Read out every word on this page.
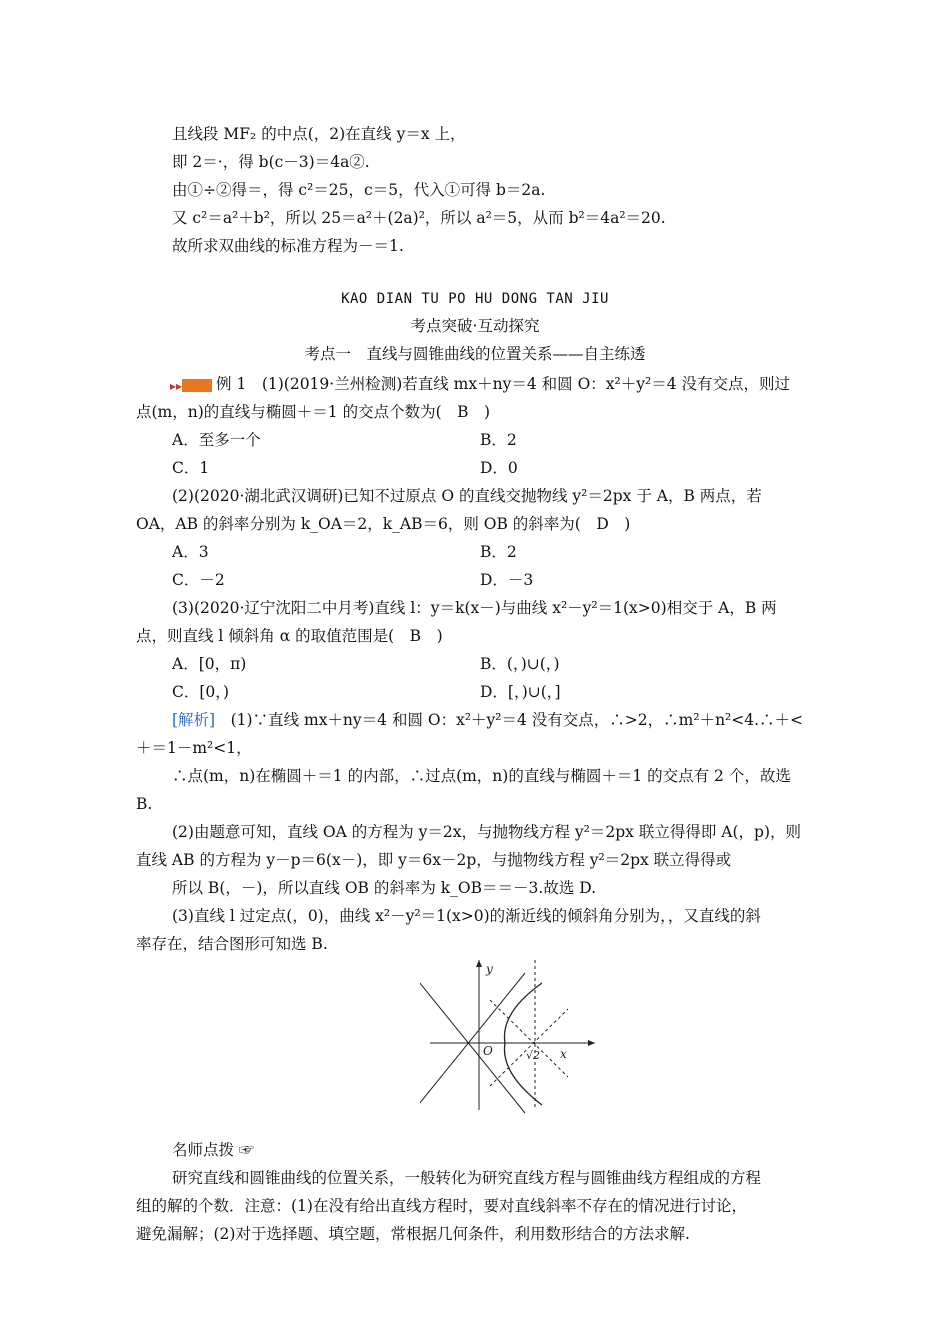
且线段 MF₂ 的中点(，2)在直线 y＝x 上，
即 2＝·，得 b(c－3)＝4a②.
由①÷②得＝，得 c²＝25，c＝5，代入①可得 b＝2a.
又 c²＝a²＋b²，所以 25＝a²＋(2a)²，所以 a²＝5，从而 b²＝4a²＝20.
故所求双曲线的标准方程为－＝1.
KAO DIAN TU PO HU DONG TAN JIU
考点突破·互动探究
考点一　直线与圆锥曲线的位置关系——自主练透
▸▸ 例 1　(1)(2019·兰州检测)若直线 mx＋ny＝4 和圆 O：x²＋y²＝4 没有交点，则过
点(m，n)的直线与椭圆＋＝1 的交点个数为(　B　)
A．至多一个	B．2
C．1	D．0
(2)(2020·湖北武汉调研)已知不过原点 O 的直线交抛物线 y²＝2px 于 A，B 两点，若
OA，AB 的斜率分别为 k_OA＝2，k_AB＝6，则 OB 的斜率为(　D　)
A．3	B．2
C．－2	D．－3
(3)(2020·辽宁沈阳二中月考)直线 l：y＝k(x－)与曲线 x²－y²＝1(x>0)相交于 A，B 两
点，则直线 l 倾斜角 α 的取值范围是(　B　)
A．[0，π)	B．(，)∪(，)
C．[0，)	D．[，)∪(，]
[解析]　(1)∵直线 mx＋ny＝4 和圆 O：x²＋y²＝4 没有交点，∴>2，∴m²＋n²<4.∴＋<
＋＝1－m²<1，
∴点(m，n)在椭圆＋＝1 的内部，∴过点(m，n)的直线与椭圆＋＝1 的交点有 2 个，故选
B.
(2)由题意可知，直线 OA 的方程为 y＝2x，与抛物线方程 y²＝2px 联立得得即 A(，p)，则
直线 AB 的方程为 y－p＝6(x－)，即 y＝6x－2p，与抛物线方程 y²＝2px 联立得得或
所以 B(，－)，所以直线 OB 的斜率为 k_OB＝＝－3.故选 D.
(3)直线 l 过定点(，0)，曲线 x²－y²＝1(x>0)的渐近线的倾斜角分别为，，又直线的斜
率存在，结合图形可知选 B.
y
x
O	√2
名师点拨 ☞
研究直线和圆锥曲线的位置关系，一般转化为研究直线方程与圆锥曲线方程组成的方程
组的解的个数．注意：(1)在没有给出直线方程时，要对直线斜率不存在的情况进行讨论，
避免漏解；(2)对于选择题、填空题，常根据几何条件，利用数形结合的方法求解.
